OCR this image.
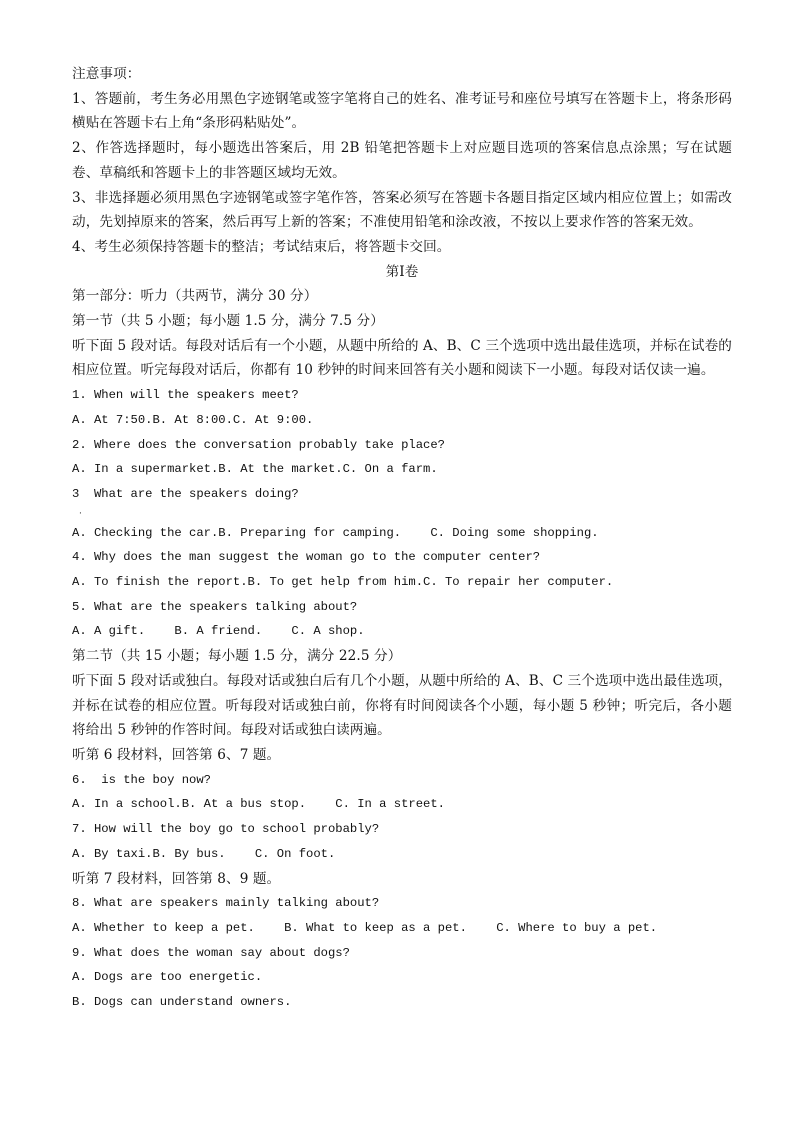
注意事项：
1、答题前，考生务必用黑色字迹钢笔或签字笔将自己的姓名、准考证号和座位号填写在答题卡上，将条形码横贴在答题卡右上角“条形码粘贴处”。
2、作答选择题时，每小题选出答案后，用 2B 铅笔把答题卡上对应题目选项的答案信息点涂黑；写在试题卷、草稿纸和答题卡上的非答题区域均无效。
3、非选择题必须用黑色字迹钢笔或签字笔作答，答案必须写在答题卡各题目指定区域内相应位置上；如需改动，先划掉原来的答案，然后再写上新的答案；不准使用铅笔和涂改液，不按以上要求作答的答案无效。
4、考生必须保持答题卡的整洁；考试结束后，将答题卡交回。
第Ⅰ卷
第一部分：听力（共两节，满分 30 分）
第一节（共 5 小题；每小题 1.5 分，满分 7.5 分）
听下面 5 段对话。每段对话后有一个小题，从题中所给的 A、B、C 三个选项中选出最佳选项，并标在试卷的相应位置。听完每段对话后，你都有 10 秒钟的时间来回答有关小题和阅读下一小题。每段对话仅读一遍。
1. When will the speakers meet?
A. At 7:50.B. At 8:00.C. At 9:00.
2. Where does the conversation probably take place?
A. In a supermarket.B. At the market.C. On a farm.
3  What are the speakers doing?
·
A. Checking the car.B. Preparing for camping.    C. Doing some shopping.
4. Why does the man suggest the woman go to the computer center?
A. To finish the report.B. To get help from him.C. To repair her computer.
5. What are the speakers talking about?
A. A gift.    B. A friend.    C. A shop.
第二节（共 15 小题；每小题 1.5 分，满分 22.5 分）
听下面 5 段对话或独白。每段对话或独白后有几个小题，从题中所给的 A、B、C 三个选项中选出最佳选项，并标在试卷的相应位置。听每段对话或独白前，你将有时间阅读各个小题，每小题 5 秒钟；听完后，各小题将给出 5 秒钟的作答时间。每段对话或独白读两遍。
听第 6 段材料，回答第 6、7 题。
6.  is the boy now?
A. In a school.B. At a bus stop.    C. In a street.
7. How will the boy go to school probably?
A. By taxi.B. By bus.    C. On foot.
听第 7 段材料，回答第 8、9 题。
8. What are speakers mainly talking about?
A. Whether to keep a pet.    B. What to keep as a pet.    C. Where to buy a pet.
9. What does the woman say about dogs?
A. Dogs are too energetic.
B. Dogs can understand owners.
